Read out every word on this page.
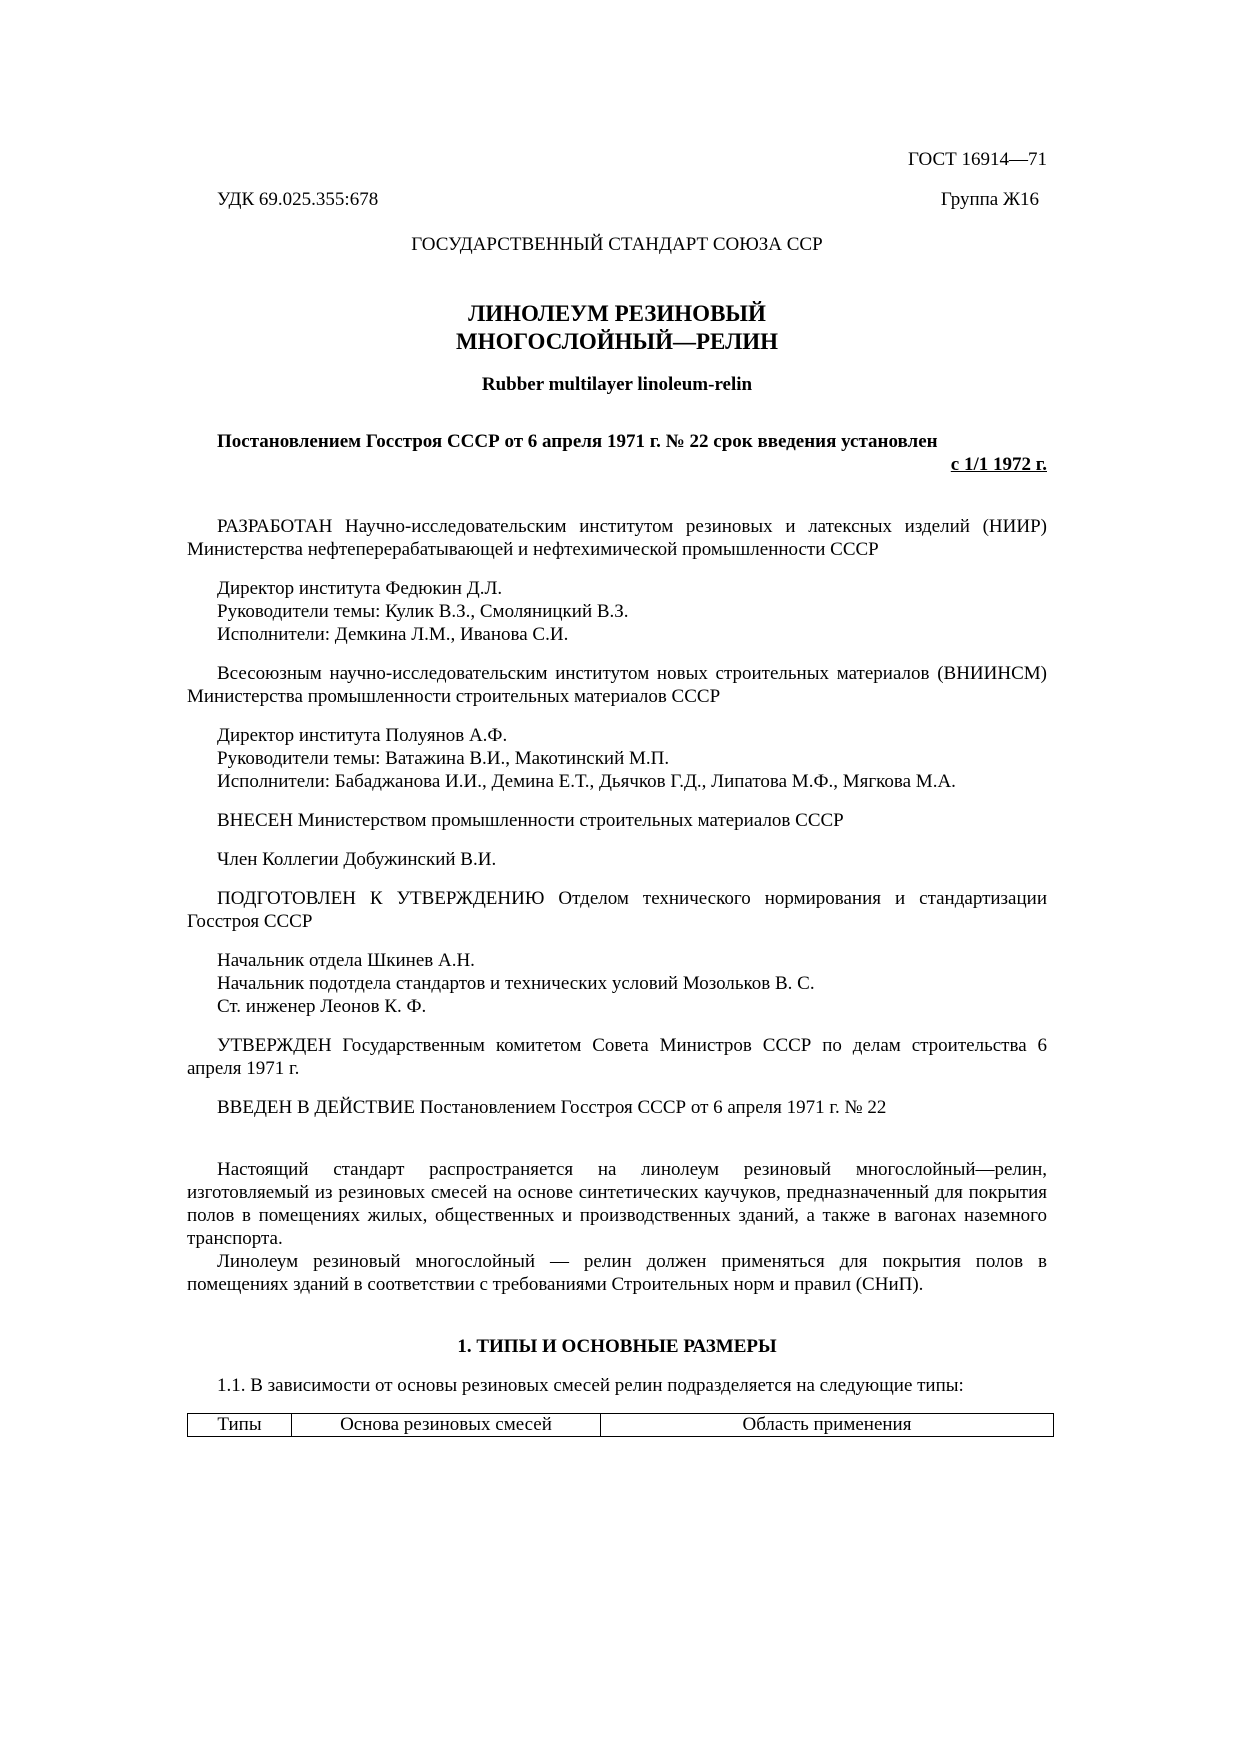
ГОСТ 16914—71
УДК 69.025.355:678	Группа Ж16
ГОСУДАРСТВЕННЫЙ СТАНДАРТ СОЮЗА ССР
ЛИНОЛЕУМ РЕЗИНОВЫЙ
МНОГОСЛОЙНЫЙ—РЕЛИН
Rubber multilayer linoleum-relin
Постановлением Госстроя СССР от 6 апреля 1971 г. № 22 срок введения установлен
с 1/1 1972 г.

РАЗРАБОТАН Научно-исследовательским институтом резиновых и латексных изделий (НИИР) Министерства нефтеперерабатывающей и нефтехимической промышленности СССР

Директор института Федюкин Д.Л.
Руководители темы: Кулик В.З., Смоляницкий В.З.
Исполнители: Демкина Л.М., Иванова С.И.

Всесоюзным научно-исследовательским институтом новых строительных материалов (ВНИИНСМ) Министерства промышленности строительных материалов СССР

Директор института Полуянов А.Ф.
Руководители темы: Ватажина В.И., Макотинский М.П.
Исполнители: Бабаджанова И.И., Демина Е.Т., Дьячков Г.Д., Липатова М.Ф., Мягкова М.А.

ВНЕСЕН Министерством промышленности строительных материалов СССР

Член Коллегии Добужинский В.И.

ПОДГОТОВЛЕН К УТВЕРЖДЕНИЮ Отделом технического нормирования и стандартизации Госстроя СССР

Начальник отдела Шкинев А.Н.
Начальник подотдела стандартов и технических условий Мозольков В. С.
Ст. инженер Леонов К. Ф.

УТВЕРЖДЕН Государственным комитетом Совета Министров СССР по делам строительства 6 апреля 1971 г.

ВВЕДЕН В ДЕЙСТВИЕ Постановлением Госстроя СССР от 6 апреля 1971 г. № 22

Настоящий стандарт распространяется на линолеум резиновый многослойный—релин, изготовляемый из резиновых смесей на основе синтетических каучуков, предназначенный для покрытия полов в помещениях жилых, общественных и производственных зданий, а также в вагонах наземного транспорта.

Линолеум резиновый многослойный — релин должен применяться для покрытия полов в помещениях зданий в соответствии с требованиями Строительных норм и правил (СНиП).

1. ТИПЫ И ОСНОВНЫЕ РАЗМЕРЫ

1.1. В зависимости от основы резиновых смесей релин подразделяется на следующие типы:

Типы	Основа резиновых смесей	Область применения
